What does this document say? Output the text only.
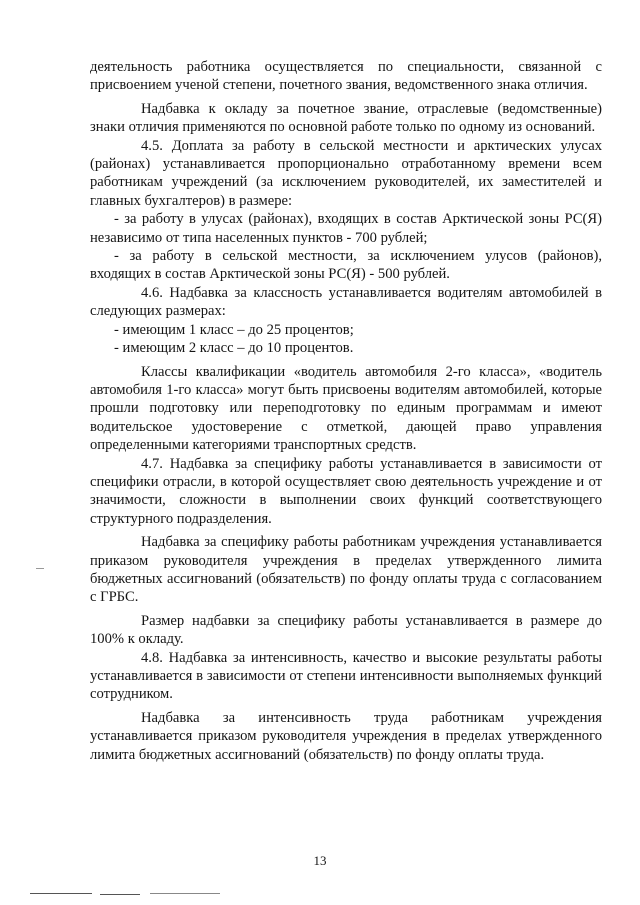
деятельность работника осуществляется по специальности, связанной с присвоением ученой степени, почетного звания, ведомственного знака отличия.

Надбавка к окладу за почетное звание, отраслевые (ведомственные) знаки отличия применяются по основной работе только по одному из оснований.

4.5. Доплата за работу в сельской местности и арктических улусах (районах) устанавливается пропорционально отработанному времени всем работникам учреждений (за исключением руководителей, их заместителей и главных бухгалтеров) в размере:

- за работу в улусах (районах), входящих в состав Арктической зоны РС(Я) независимо от типа населенных пунктов - 700 рублей;

- за работу в сельской местности, за исключением улусов (районов), входящих в состав Арктической зоны РС(Я) - 500 рублей.

4.6. Надбавка за классность устанавливается водителям автомобилей в следующих размерах:

- имеющим 1 класс – до 25 процентов;

- имеющим 2 класс – до 10 процентов.

Классы квалификации «водитель автомобиля 2-го класса», «водитель автомобиля 1-го класса» могут быть присвоены водителям автомобилей, которые прошли подготовку или переподготовку по единым программам и имеют водительское удостоверение с отметкой, дающей право управления определенными категориями транспортных средств.

4.7. Надбавка за специфику работы устанавливается в зависимости от специфики отрасли, в которой осуществляет свою деятельность учреждение и от значимости, сложности в выполнении своих функций соответствующего структурного подразделения.

Надбавка за специфику работы работникам учреждения устанавливается приказом руководителя учреждения в пределах утвержденного лимита бюджетных ассигнований (обязательств) по фонду оплаты труда с согласованием с ГРБС.

Размер надбавки за специфику работы устанавливается в размере до 100% к окладу.

4.8. Надбавка за интенсивность, качество и высокие результаты работы устанавливается в зависимости от степени интенсивности выполняемых функций сотрудником.

Надбавка за интенсивность труда работникам учреждения устанавливается приказом руководителя учреждения в пределах утвержденного лимита бюджетных ассигнований (обязательств) по фонду оплаты труда.

13
